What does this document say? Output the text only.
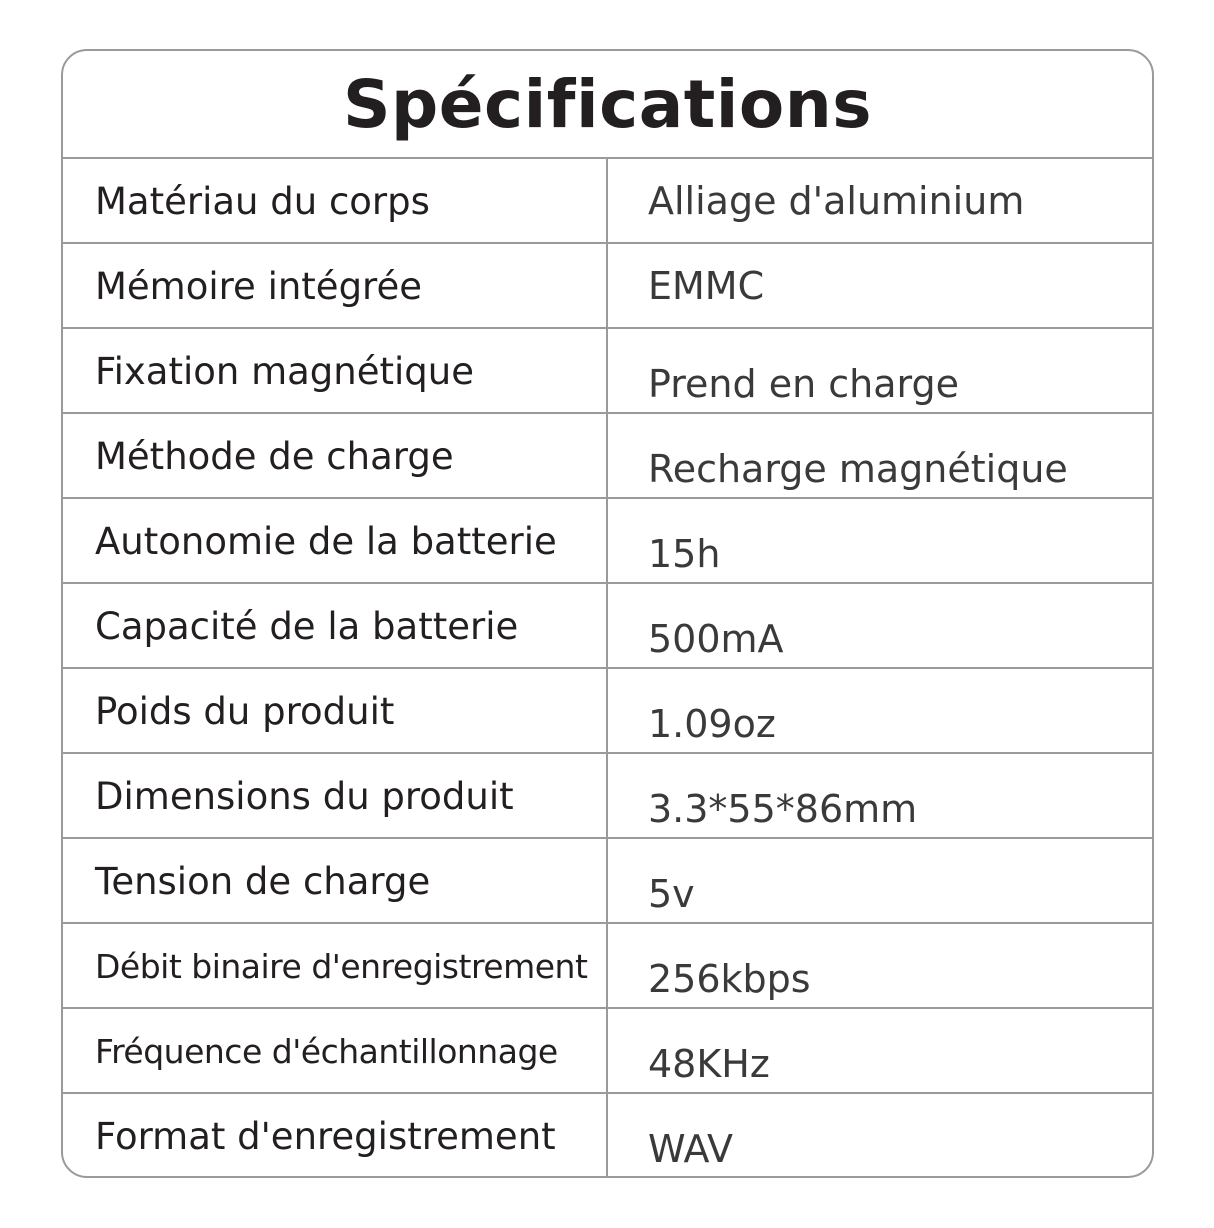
Spécifications
Matériau du corps	Alliage d'aluminium
Mémoire intégrée	EMMC
Fixation magnétique	Prend en charge
Méthode de charge	Recharge magnétique
Autonomie de la batterie	15h
Capacité de la batterie	500mA
Poids du produit	1.09oz
Dimensions du produit	3.3*55*86mm
Tension de charge	5v
Débit binaire d'enregistrement	256kbps
Fréquence d'échantillonnage	48KHz
Format d'enregistrement	WAV
